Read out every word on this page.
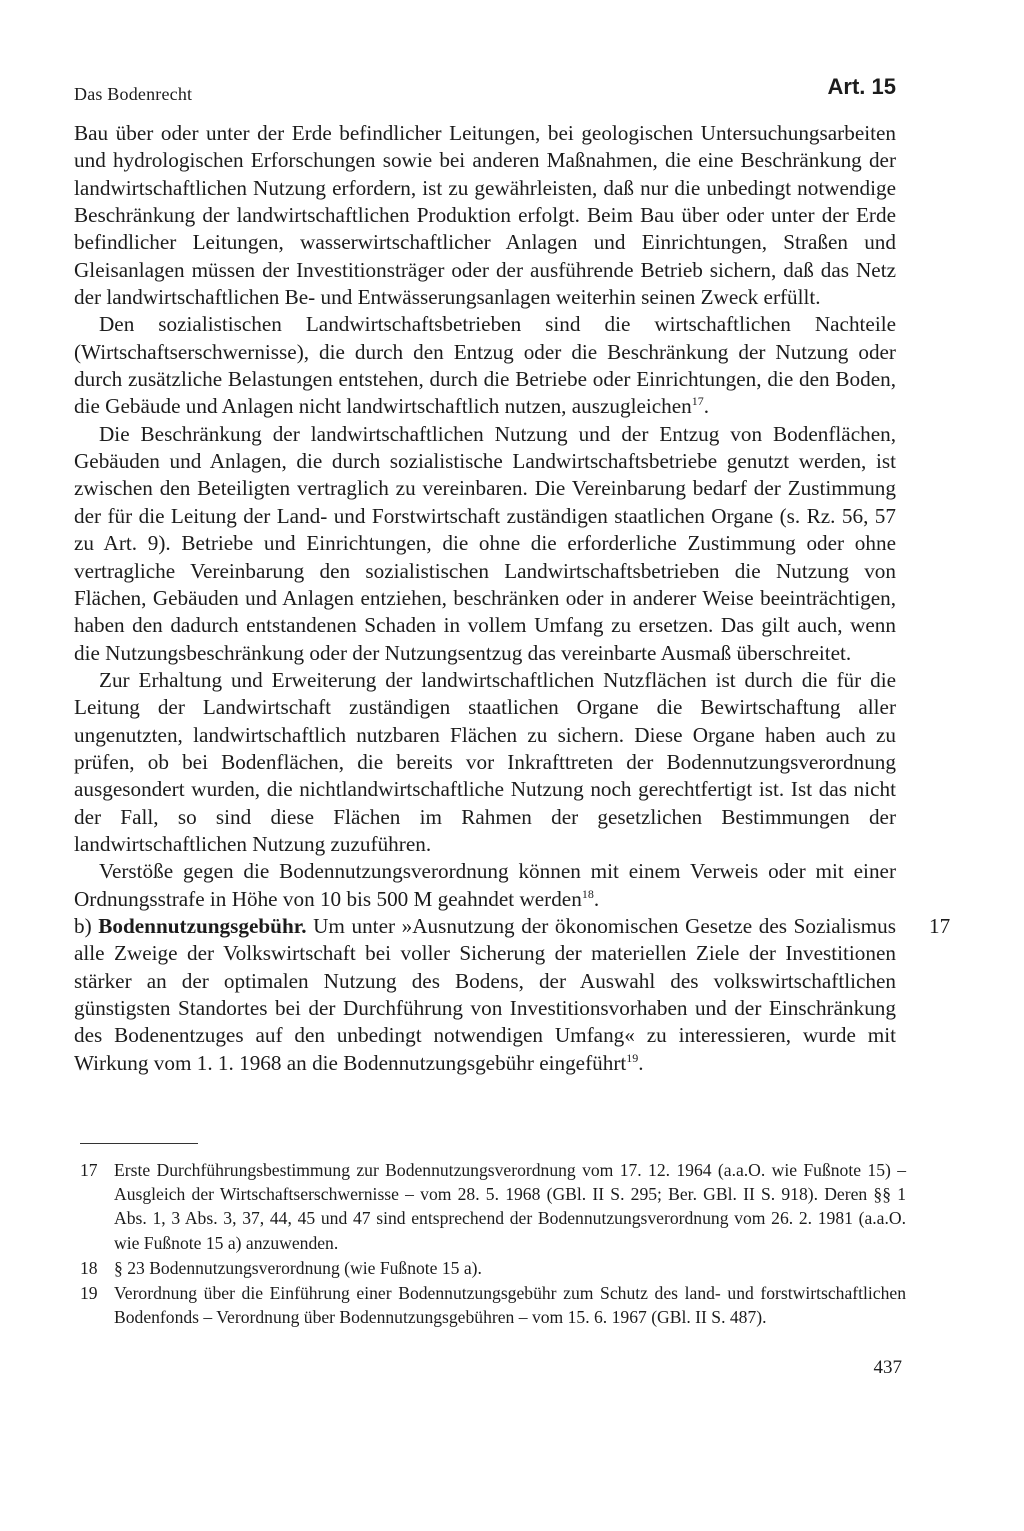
Das Bodenrecht	Art. 15

Bau über oder unter der Erde befindlicher Leitungen, bei geologischen Untersuchungsarbeiten und hydrologischen Erforschungen sowie bei anderen Maßnahmen, die eine Beschränkung der landwirtschaftlichen Nutzung erfordern, ist zu gewährleisten, daß nur die unbedingt notwendige Beschränkung der landwirtschaftlichen Produktion erfolgt. Beim Bau über oder unter der Erde befindlicher Leitungen, wasserwirtschaftlicher Anlagen und Einrichtungen, Straßen und Gleisanlagen müssen der Investitionsträger oder der ausführende Betrieb sichern, daß das Netz der landwirtschaftlichen Be- und Entwässerungsanlagen weiterhin seinen Zweck erfüllt.

Den sozialistischen Landwirtschaftsbetrieben sind die wirtschaftlichen Nachteile (Wirtschaftserschwernisse), die durch den Entzug oder die Beschränkung der Nutzung oder durch zusätzliche Belastungen entstehen, durch die Betriebe oder Einrichtungen, die den Boden, die Gebäude und Anlagen nicht landwirtschaftlich nutzen, auszugleichen$^{17}$.

Die Beschränkung der landwirtschaftlichen Nutzung und der Entzug von Bodenflächen, Gebäuden und Anlagen, die durch sozialistische Landwirtschaftsbetriebe genutzt werden, ist zwischen den Beteiligten vertraglich zu vereinbaren. Die Vereinbarung bedarf der Zustimmung der für die Leitung der Land- und Forstwirtschaft zuständigen staatlichen Organe (s. Rz. 56, 57 zu Art. 9). Betriebe und Einrichtungen, die ohne die erforderliche Zustimmung oder ohne vertragliche Vereinbarung den sozialistischen Landwirtschaftsbetrieben die Nutzung von Flächen, Gebäuden und Anlagen entziehen, beschränken oder in anderer Weise beeinträchtigen, haben den dadurch entstandenen Schaden in vollem Umfang zu ersetzen. Das gilt auch, wenn die Nutzungsbeschränkung oder der Nutzungsentzug das vereinbarte Ausmaß überschreitet.

Zur Erhaltung und Erweiterung der landwirtschaftlichen Nutzflächen ist durch die für die Leitung der Landwirtschaft zuständigen staatlichen Organe die Bewirtschaftung aller ungenutzten, landwirtschaftlich nutzbaren Flächen zu sichern. Diese Organe haben auch zu prüfen, ob bei Bodenflächen, die bereits vor Inkrafttreten der Bodennutzungsverordnung ausgesondert wurden, die nichtlandwirtschaftliche Nutzung noch gerechtfertigt ist. Ist das nicht der Fall, so sind diese Flächen im Rahmen der gesetzlichen Bestimmungen der landwirtschaftlichen Nutzung zuzuführen.

Verstöße gegen die Bodennutzungsverordnung können mit einem Verweis oder mit einer Ordnungsstrafe in Höhe von 10 bis 500 M geahndet werden$^{18}$.

b) Bodennutzungsgebühr. Um unter »Ausnutzung der ökonomischen Gesetze des Sozialismus alle Zweige der Volkswirtschaft bei voller Sicherung der materiellen Ziele der Investitionen stärker an der optimalen Nutzung des Bodens, der Auswahl des volkswirtschaftlichen günstigsten Standortes bei der Durchführung von Investitionsvorhaben und der Einschränkung des Bodenentzuges auf den unbedingt notwendigen Umfang« zu interessieren, wurde mit Wirkung vom 1. 1. 1968 an die Bodennutzungsgebühr eingeführt$^{19}$.
17

17 Erste Durchführungsbestimmung zur Bodennutzungsverordnung vom 17. 12. 1964 (a.a.O. wie Fußnote 15) – Ausgleich der Wirtschaftserschwernisse – vom 28. 5. 1968 (GBl. II S. 295; Ber. GBl. II S. 918). Deren §§ 1 Abs. 1, 3 Abs. 3, 37, 44, 45 und 47 sind entsprechend der Bodennutzungsverordnung vom 26. 2. 1981 (a.a.O. wie Fußnote 15 a) anzuwenden.
18 § 23 Bodennutzungsverordnung (wie Fußnote 15 a).
19 Verordnung über die Einführung einer Bodennutzungsgebühr zum Schutz des land- und forstwirtschaftlichen Bodenfonds – Verordnung über Bodennutzungsgebühren – vom 15. 6. 1967 (GBl. II S. 487).
437
